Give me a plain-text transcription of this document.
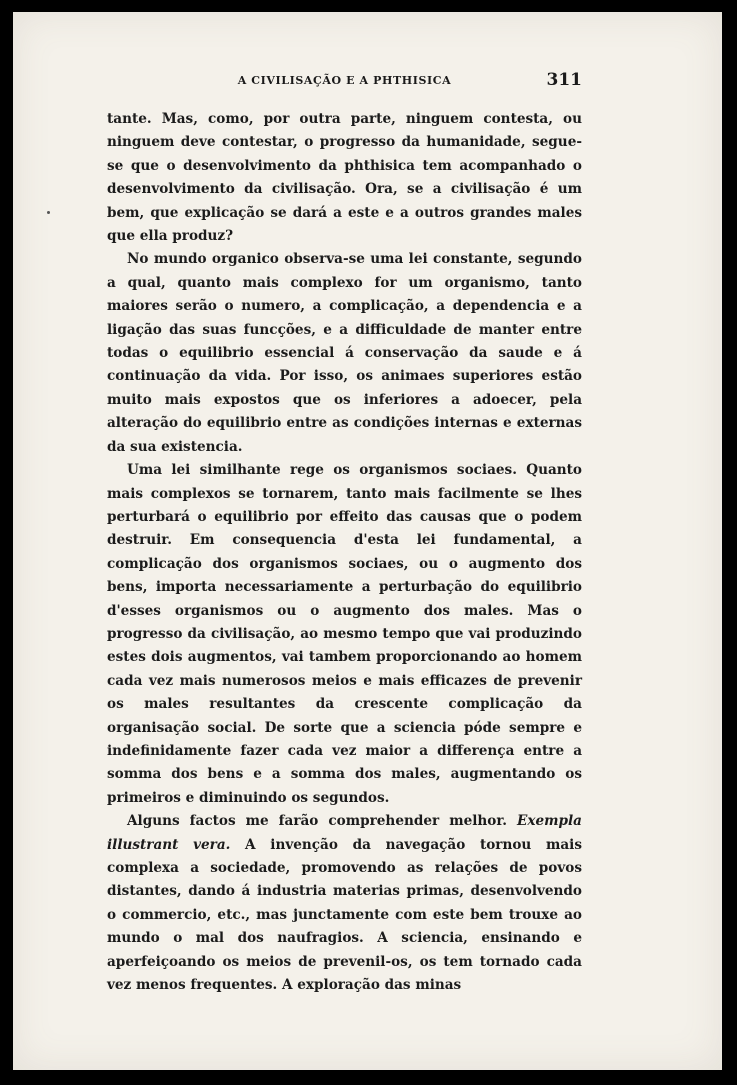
A CIVILISAÇÃO E A PHTHISICA	311

tante. Mas, como, por outra parte, ninguem contesta, ou ninguem deve contestar, o progresso da humanidade, segue-se que o desenvolvimento da phthisica tem acompanhado o desenvolvimento da civilisação. Ora, se a civilisação é um bem, que explicação se dará a este e a outros grandes males que ella produz?

No mundo organico observa-se uma lei constante, segundo a qual, quanto mais complexo for um organismo, tanto maiores serão o numero, a complicação, a dependencia e a ligação das suas funcções, e a difficuldade de manter entre todas o equilibrio essencial á conservação da saude e á continuação da vida. Por isso, os animaes superiores estão muito mais expostos que os inferiores a adoecer, pela alteração do equilibrio entre as condições internas e externas da sua existencia.

Uma lei similhante rege os organismos sociaes. Quanto mais complexos se tornarem, tanto mais facilmente se lhes perturbará o equilibrio por effeito das causas que o podem destruir. Em consequencia d'esta lei fundamental, a complicação dos organismos sociaes, ou o augmento dos bens, importa necessariamente a perturbação do equilibrio d'esses organismos ou o augmento dos males. Mas o progresso da civilisação, ao mesmo tempo que vai produzindo estes dois augmentos, vai tambem proporcionando ao homem cada vez mais numerosos meios e mais efficazes de prevenir os males resultantes da crescente complicação da organisação social. De sorte que a sciencia póde sempre e indefinidamente fazer cada vez maior a differença entre a somma dos bens e a somma dos males, augmentando os primeiros e diminuindo os segundos.

Alguns factos me farão comprehender melhor. Exempla illustrant vera. A invenção da navegação tornou mais complexa a sociedade, promovendo as relações de povos distantes, dando á industria materias primas, desenvolvendo o commercio, etc., mas junctamente com este bem trouxe ao mundo o mal dos naufragios. A sciencia, ensinando e aperfeiçoando os meios de prevenil-os, os tem tornado cada vez menos frequentes. A exploração das minas
